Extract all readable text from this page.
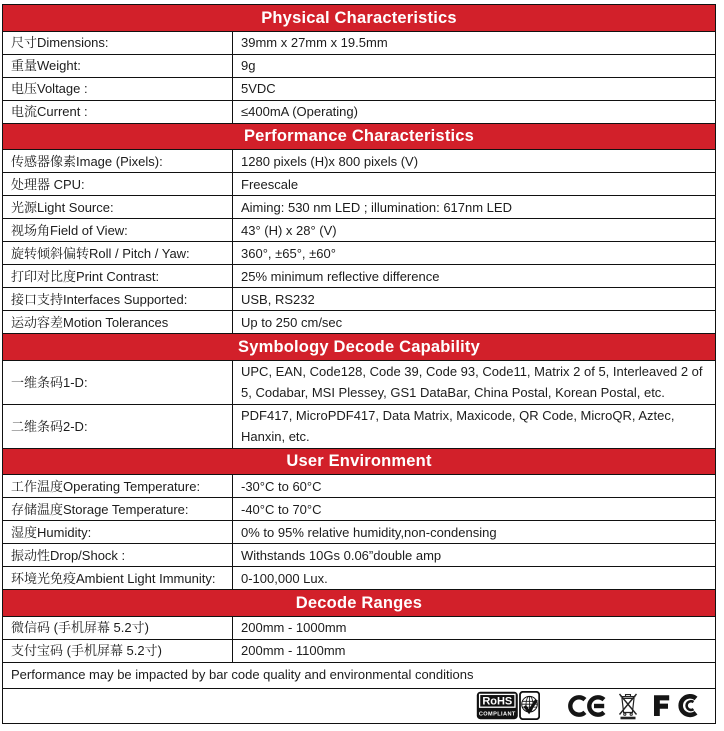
Physical Characteristics
尺寸Dimensions:	39mm x 27mm x 19.5mm
重量Weight:	9g
电压Voltage :	5VDC
电流Current :	≤400mA (Operating)
Performance Characteristics
传感器像素Image (Pixels):	1280 pixels (H)x 800 pixels (V)
处理器 CPU:	Freescale
光源Light Source:	Aiming: 530 nm LED ; illumination: 617nm LED
视场角Field of View:	43° (H) x 28° (V)
旋转倾斜偏转Roll / Pitch / Yaw:	360°, ±65°, ±60°
打印对比度Print Contrast:	25% minimum reflective difference
接口支持Interfaces Supported:	USB, RS232
运动容差Motion Tolerances	Up to 250 cm/sec
Symbology Decode Capability
一维条码1-D:
UPC, EAN, Code128, Code 39, Code 93, Code11, Matrix 2 of 5, Interleaved 2 of 5, Codabar, MSI Plessey, GS1 DataBar, China Postal, Korean Postal, etc.
二维条码2-D:
PDF417, MicroPDF417, Data Matrix, Maxicode, QR Code, MicroQR, Aztec, Hanxin, etc.
User Environment
工作温度Operating Temperature:	-30°C to 60°C
存储温度Storage Temperature:	-40°C to 70°C
湿度Humidity:	0% to 95% relative humidity,non-condensing
振动性Drop/Shock :	Withstands 10Gs 0.06”double amp
环境光免疫Ambient Light Immunity:	0-100,000 Lux.
Decode Ranges
微信码 (手机屏幕 5.2寸)	200mm - 1000mm
支付宝码 (手机屏幕 5.2寸)	200mm - 1100mm
Performance may be impacted by bar code quality and environmental conditions
RoHS
COMPLIANT
